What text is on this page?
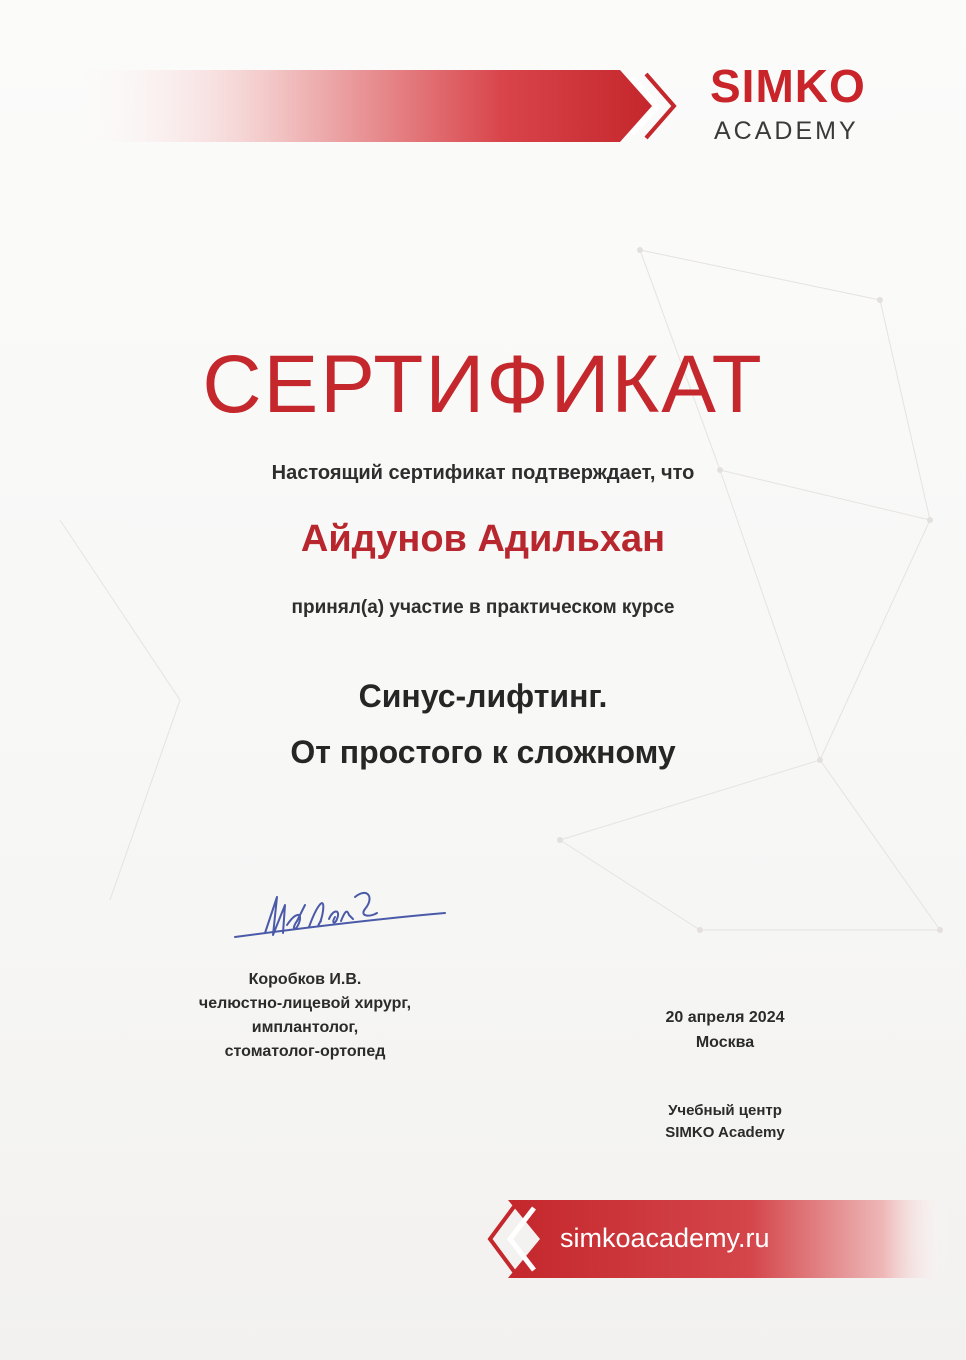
SIMKO
ACADEMY
СЕРТИФИКАТ
Настоящий сертификат подтверждает, что
Айдунов Адильхан
принял(а) участие в практическом курсе
Синус-лифтинг.
От простого к сложному
Коробков И.В.
челюстно-лицевой хирург,
имплантолог,
стоматолог-ортопед
20 апреля 2024
Москва
Учебный центр
SIMKO Academy
simkoacademy.ru
